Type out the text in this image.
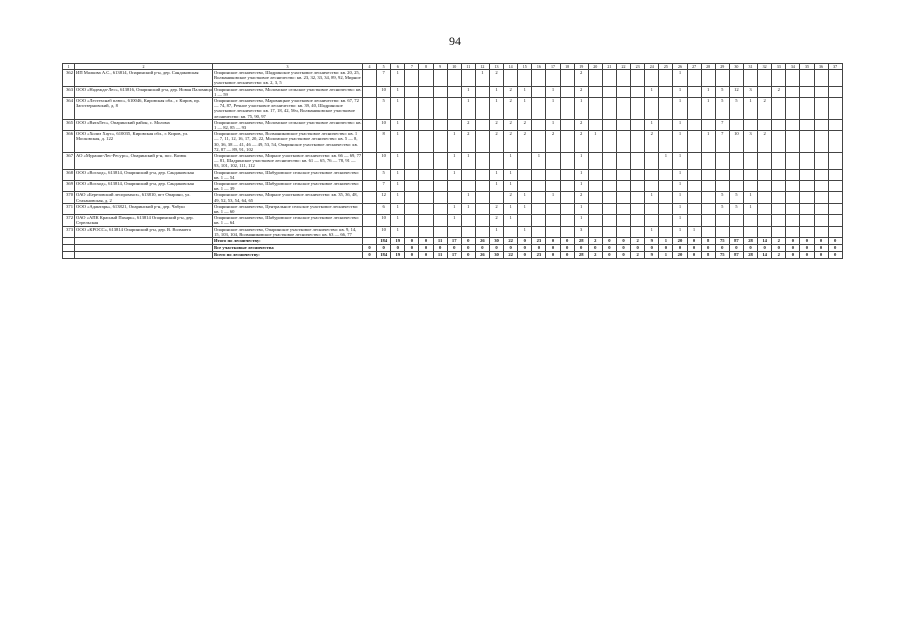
94
1	2	3	4	5	6	7	8	9	10	11	12	13	14	15	16	17	18	19	20	21	22	23	24	25	26	27	28	29	30	31	32	33	34	35	36	37
362	ИП Малкова А.С., 613814, Опаринский р-н, дер. Сандаковская	Опаринское лесничество, Шадринское участковое лесничество: кв. 20, 25, Волманиковское участковое лесничество: кв. 23, 32, 33, 34, 89, 92, Мирное участковое лесничество: кв. 2, 3, 5		7	1						1	2						2							1											
363	ООО «Надежда-Лес», 613816, Опаринский р-н, дер. Новая Паломица	Опаринское лесничество, Моломское сельское участковое лесничество: кв. 1 — 59		10	1					1		1	2	1		1		2					1		1		1	5	12	3		2				
364	ООО «Лестехснаб плюс», 610046, Кировская обл., г. Киров, пр. Заготзерновский, д. 8	Опаринское лесничество, Маромицкое участковое лесничество: кв. 67, 72 — 74, 87, Речное участковое лесничество: кв. 39, 40, Шадринское участковое лесничество: кв. 17, 18, 42, 56ч, Волманиковское участковое лесничество: кв. 75, 90, 97		5	1					1		1	2	1		1		1							1		1	5	5	1	2					
365	ООО «ВятаЛес», Опаринский район, с. Молома	Опаринское лесничество, Моломское сельское участковое лесничество: кв. 1 — 82, 85 — 93		10	1					2		2	2	2		1		2					1		1			7								
366	ООО «Холиз Хаус», 610035, Кировская обл., г. Киров, ул. Московская, д. 122	Опаринское лесничество, Волманиковское участковое лесничество: кв. 1 — 7, 11, 12, 16, 17, 20, 22, Моломское участковое лесничество: кв. 5 — 8, 30, 36, 38 — 41, 46 — 49, 53, 54, Опаринское участковое лесничество: кв. 72, 87 — 89, 91, 102		8	1				1	2		2	2	2		2		2	1				2		1		1	7	10	3	2					
367	АО «Мураши-Лес-Ресурс», Опаринский р-н, пос. Вазюк	Опаринское лесничество, Мирное участковое лесничество: кв. 66 — 69, 77 — 81, Шадринское участковое лесничество: кв. 61 — 65, 76 — 78, 91 — 93, 101, 102, 111, 112		10	1				1	1			1		1			1						1	1											
368	ООО «Восход», 613814, Опаринский р-н, дер. Сандаковская	Опаринское лесничество, Шабуровское сельское участковое лесничество: кв. 1 — 54		5	1				1			1	1					1							1											
369	ООО «Восход», 613814, Опаринский р-н, дер. Сандаковская	Опаринское лесничество, Шабуровское сельское участковое лесничество: кв. 1 — 39		7	1							1	1					1							1											
370	ОАО «Березовский леспромхоз», 613810, пгт Опарино, ул. Стахановская, д. 2	Опаринское лесничество, Мирное участковое лесничество: кв. 35, 36, 48, 49, 52, 53, 54, 64, 65		12	1					1			2	1		1		2					1		1			5	5	1						
371	ООО «Адантарь», 613821, Опаринский р-н, дер. Чабуш	Опаринское лесничество, Центральное сельское участковое лесничество: кв. 1 — 60		6	1				1	1		2	1	1				1							1			5	5	1						
372	ОАО «АПК Красный Пахарь», 613814 Опаринский р-н, дер. Стрельская	Опаринское лесничество, Шабуровское сельское участковое лесничество: кв. 1 — 64		10	1				1			2	1					1							1											
373	ООО «КРОСС», 613814 Опаринский р-н, дер. В. Волмаега	Опаринское лесничество, Опаринское участковое лесничество: кв. 9, 14, 15, 103, 104, Волманиковское участковое лесничество: кв. 63 — 66, 77		10	1							1		1				3					1		1	1										
		Итого по лесничеству:		184	19	0	0	11	17	0	26	30	22	0	23	0	0	28	2	0	0	2	9	1	20	0	8	75	87	28	14	2	0	0	0	0
		Все участковые лесничества	0	0	0	0	0	0	0	0	0	0	0	0	0	0	0	0	0	0	0	0	0	0	0	0	0	0	0	0	0	0	0	0	0	0
		Всего по лесничеству:	0	184	19	0	0	11	17	0	26	30	22	0	23	0	0	28	2	0	0	2	9	1	20	0	8	75	87	28	14	2	0	0	0	0
